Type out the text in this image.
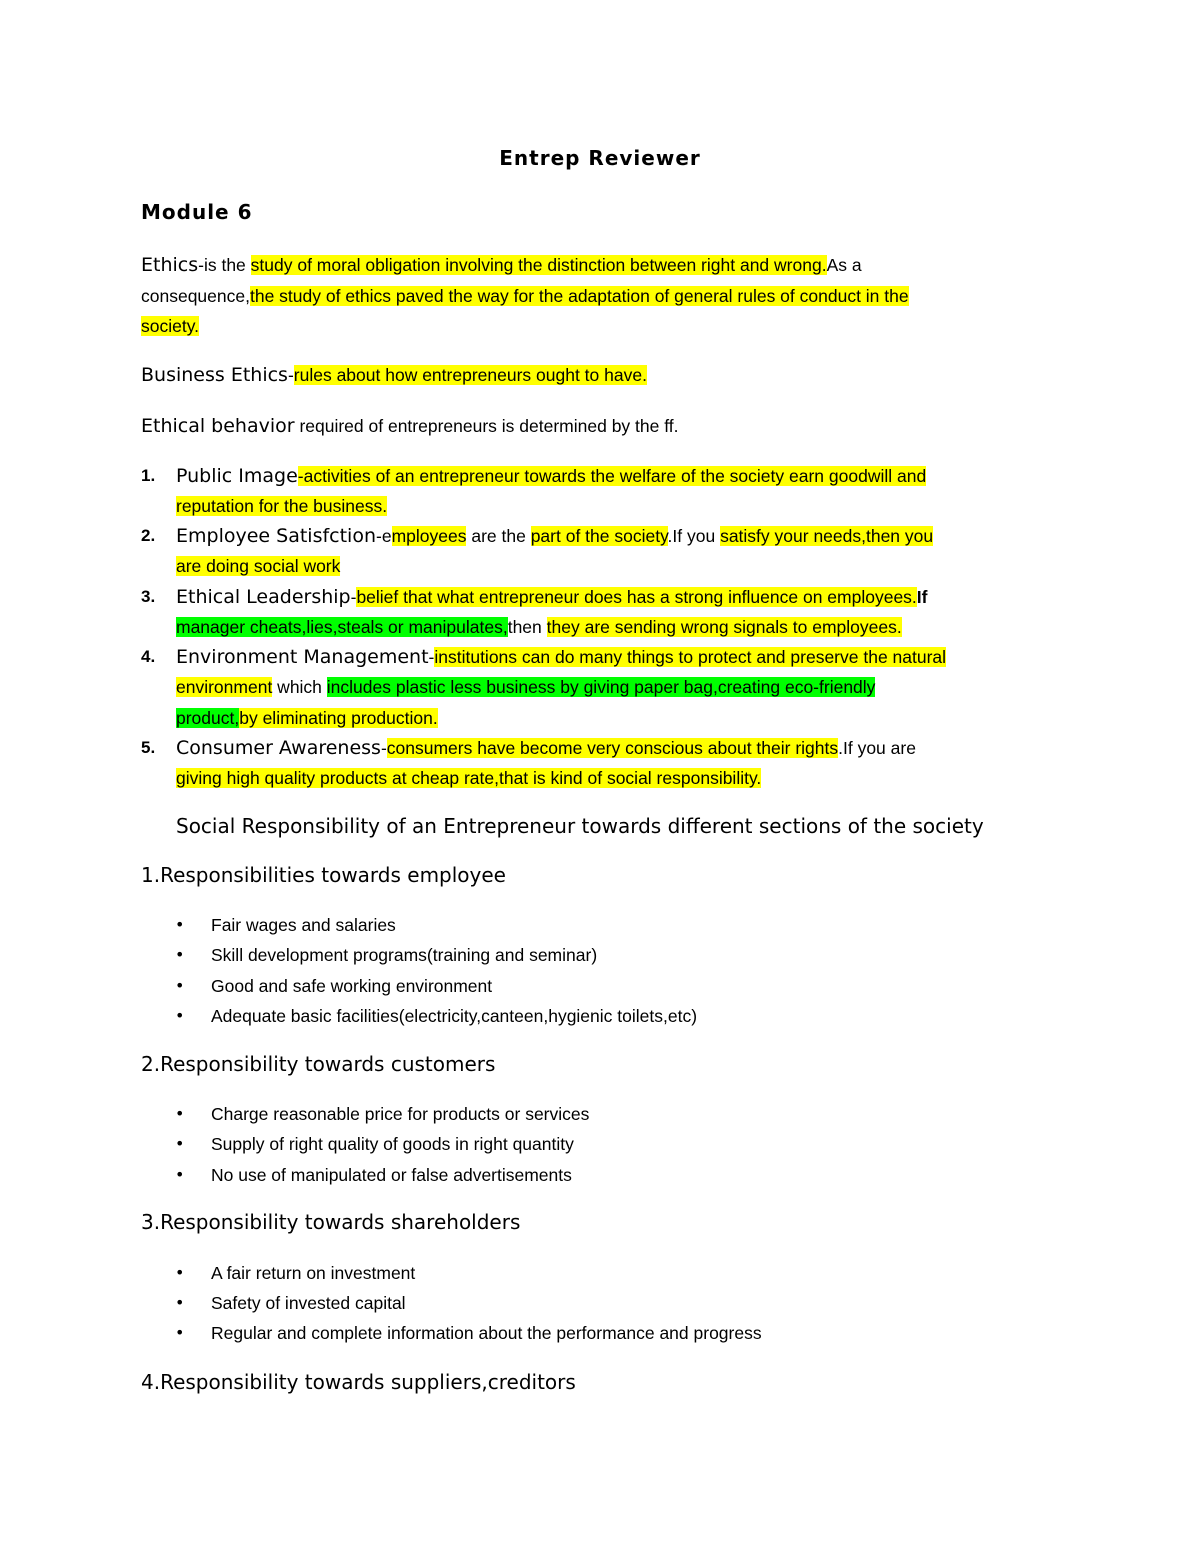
Entrep Reviewer
Module 6
Ethics-is the study of moral obligation involving the distinction between right and wrong.As a
consequence,the study of ethics paved the way for the adaptation of general rules of conduct in the
society.
Business Ethics-rules about how entrepreneurs ought to have.
Ethical behavior required of entrepreneurs is determined by the ff.
1. Public Image-activities of an entrepreneur towards the welfare of the society earn goodwill and
reputation for the business.
2. Employee Satisfction-employees are the part of the society.If you satisfy your needs,then you
are doing social work
3. Ethical Leadership-belief that what entrepreneur does has a strong influence on employees.If
manager cheats,lies,steals or manipulates,then they are sending wrong signals to employees.
4. Environment Management-institutions can do many things to protect and preserve the natural
environment which includes plastic less business by giving paper bag,creating eco-friendly
product,by eliminating production.
5. Consumer Awareness-consumers have become very conscious about their rights.If you are
giving high quality products at cheap rate,that is kind of social responsibility.
Social Responsibility of an Entrepreneur towards different sections of the society
1.Responsibilities towards employee
• Fair wages and salaries
• Skill development programs(training and seminar)
• Good and safe working environment
• Adequate basic facilities(electricity,canteen,hygienic toilets,etc)
2.Responsibility towards customers
• Charge reasonable price for products or services
• Supply of right quality of goods in right quantity
• No use of manipulated or false advertisements
3.Responsibility towards shareholders
• A fair return on investment
• Safety of invested capital
• Regular and complete information about the performance and progress
4.Responsibility towards suppliers,creditors
